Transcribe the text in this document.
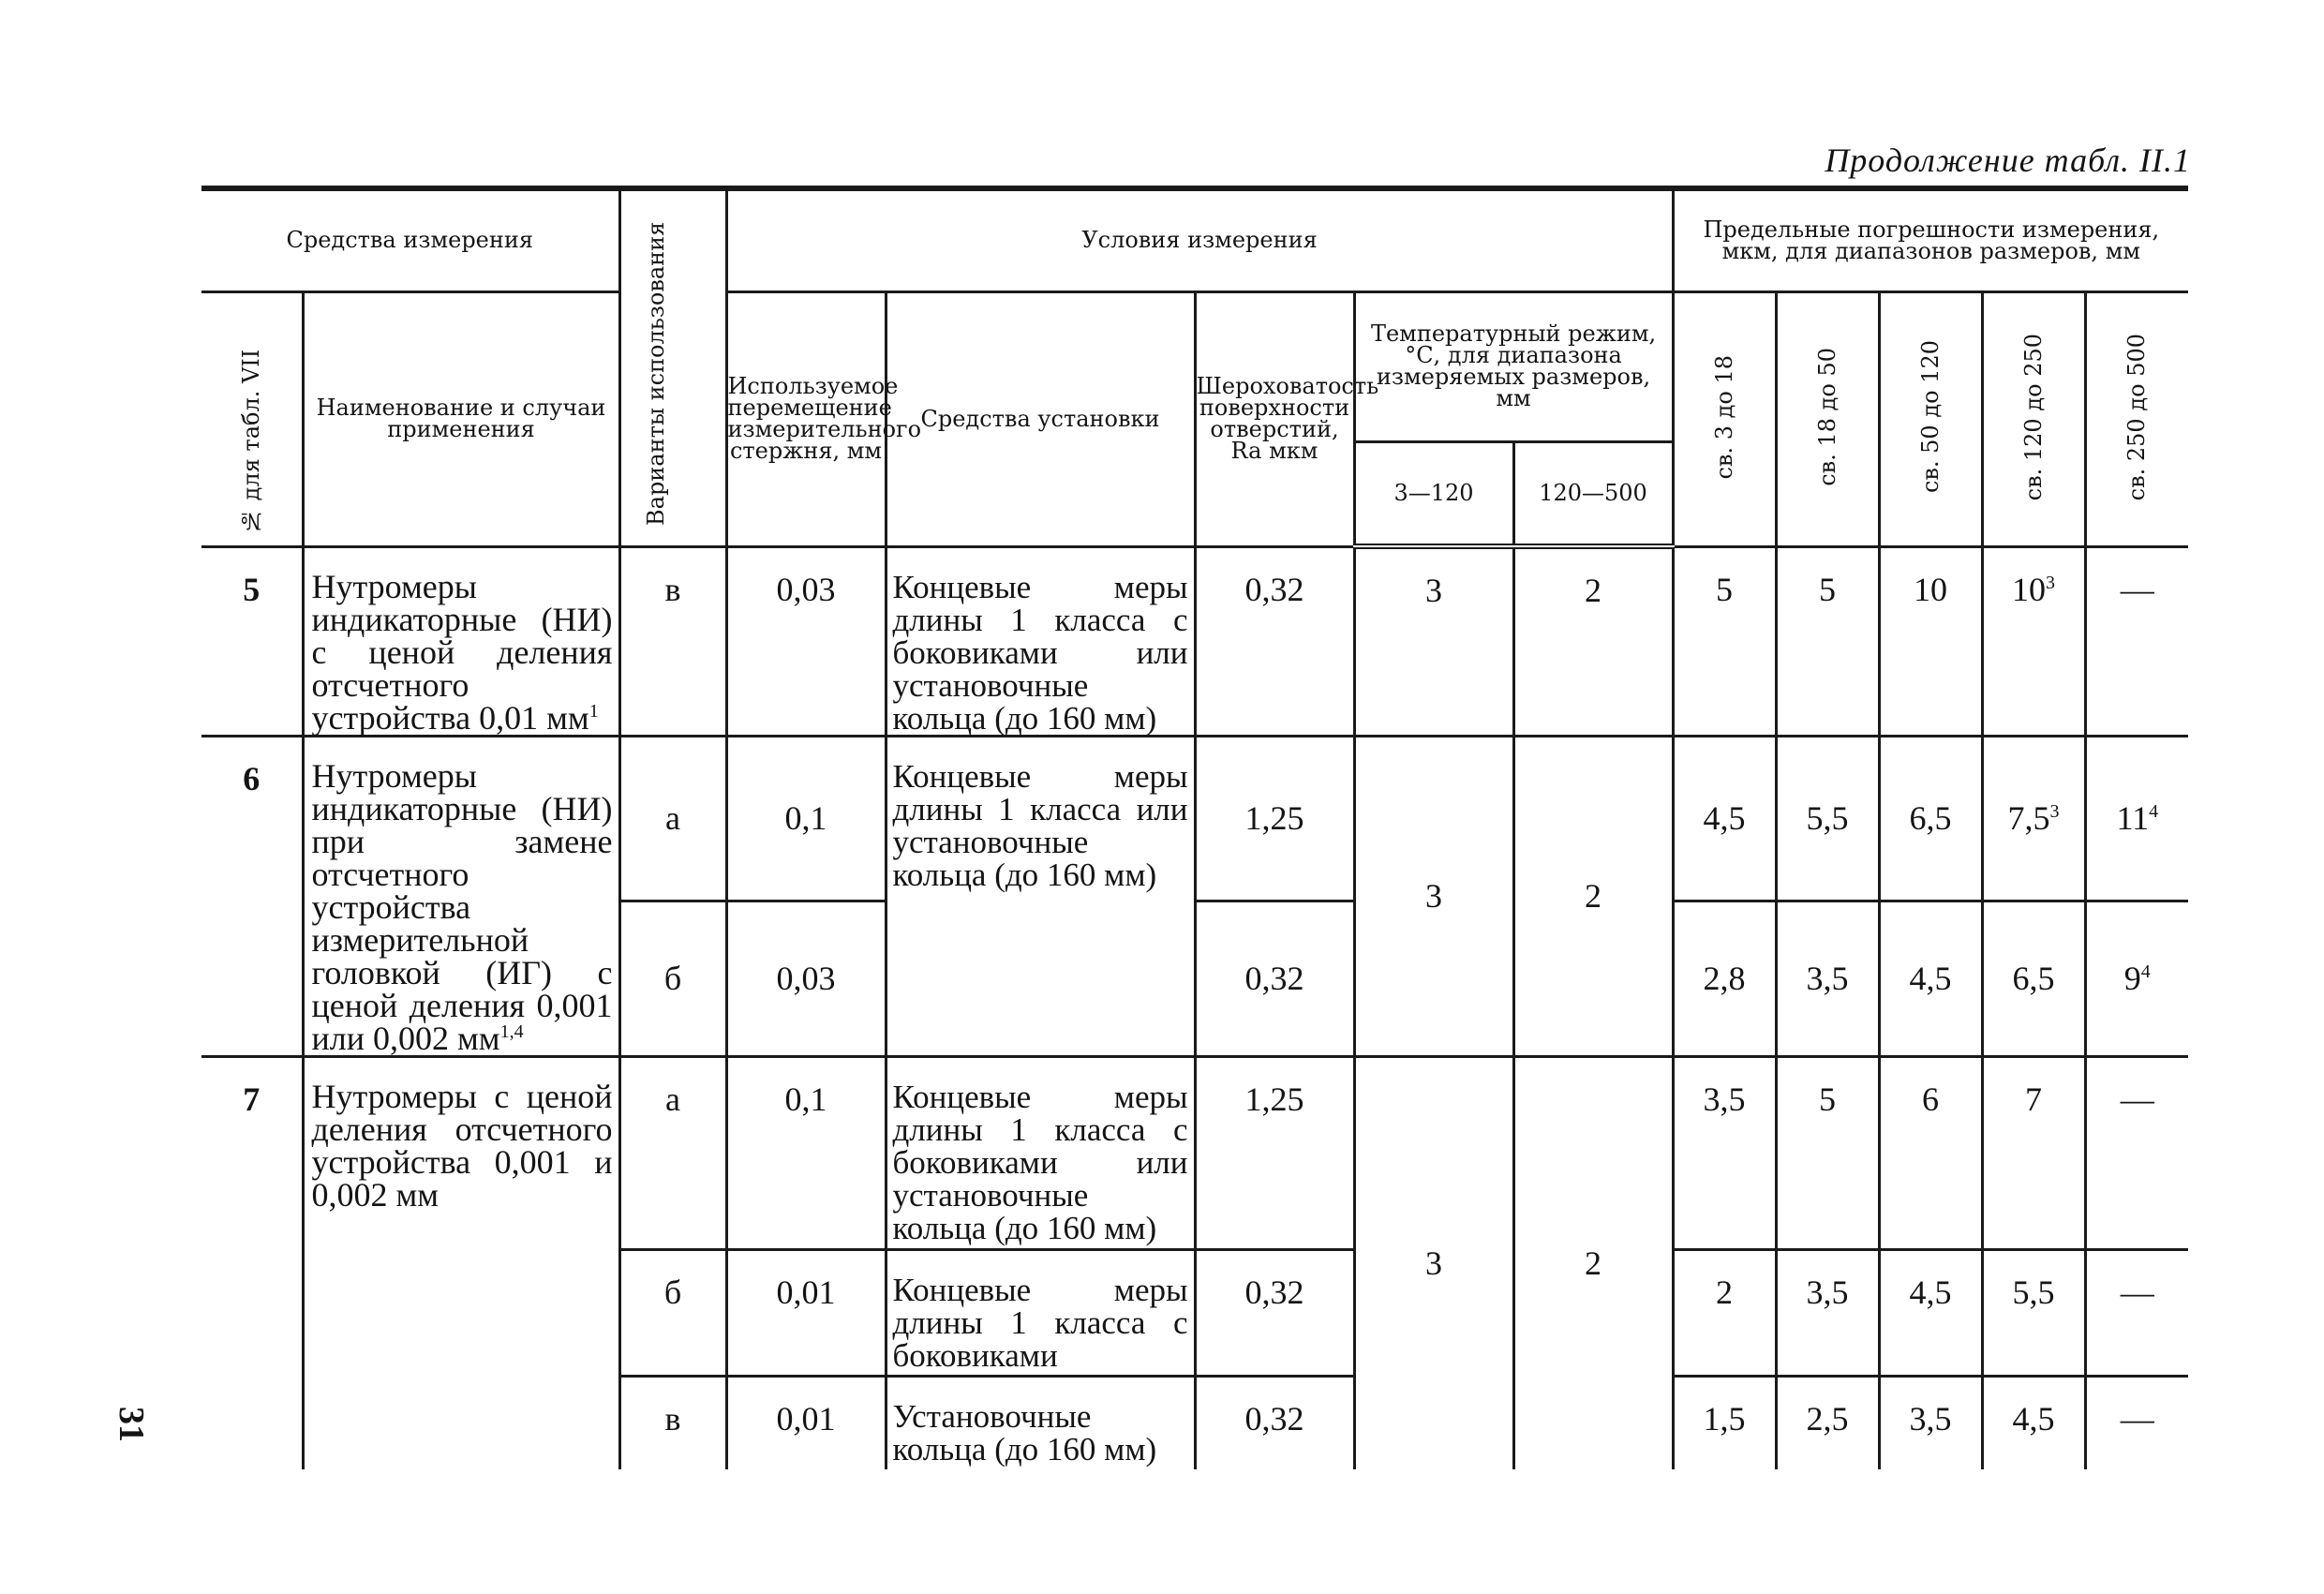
Продолжение табл. II.1
31
Средства измерения		Варианты использования	Условия измерения					Предельные погрешности измерения, мкм, для диапазонов размеров, мм				
№ для табл. VII	Наименование и случаи применения		Используемое перемещение измерительного стержня, мм	Средства установки	Шероховатость поверхности отверстий, Ra мкм	Температурный режим, °С, для диапазона измеряемых размеров, мм		св. 3 до 18	св. 18 до 50	св. 50 до 120	св. 120 до 250	св. 250 до 500
						3—120	120—500					
5	Нутромеры индикаторные (НИ) с ценой деления отсчетного устройства 0,01 $мм^1$	в	0,03	Концевые меры длины 1 класса с боковиками или установочные кольца (до 160 мм)	0,32	3	2	5	5	10	$10^3$	—
6	Нутромеры индикаторные (НИ) при замене отсчетного устройства измерительной головкой (ИГ) с ценой деления 0,001 или 0,002 мм$^{1,4}$	а	0,1	Концевые меры длины 1 класса или установочные кольца (до 160 мм)	1,25	3	2	4,5	5,5	6,5	$7,5^3$	$11^4$
		б	0,03		0,32			2,8	3,5	4,5	6,5	$9^4$
7	Нутромеры с ценой деления отсчетного устройства 0,001 и 0,002 мм	а	0,1	Концевые меры длины 1 класса с боковиками или установочные кольца (до 160 мм)	1,25	3	2	3,5	5	6	7	—
		б	0,01	Концевые меры длины 1 класса с боковиками	0,32			2	3,5	4,5	5,5	—
		в	0,01	Установочные кольца (до 160 мм)	0,32			1,5	2,5	3,5	4,5	—
